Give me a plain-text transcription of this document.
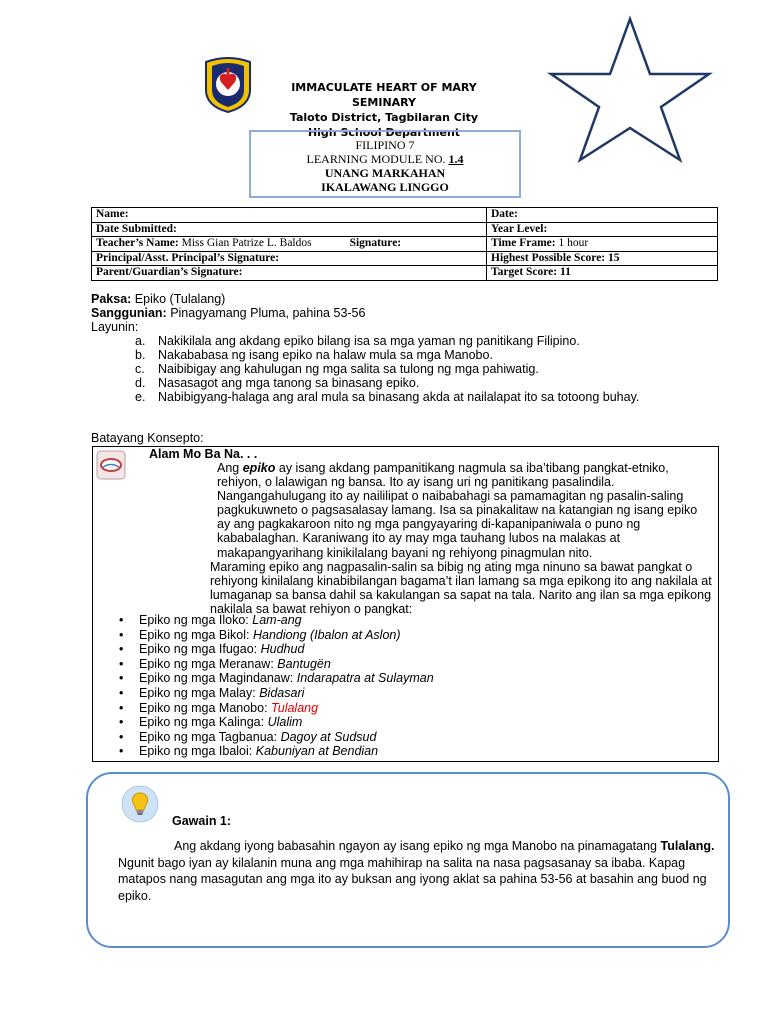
IMMACULATE HEART OF MARY SEMINARY
Taloto District, Tagbilaran City
High School Department
FILIPINO 7
LEARNING MODULE NO. 1.4
UNANG MARKAHAN
IKALAWANG LINGGO
Name:	Date:
Date Submitted:	Year Level:
Teacher’s Name: Miss Gian Patrize L. Baldos Signature:	Time Frame: 1 hour
Principal/Asst. Principal’s Signature:	Highest Possible Score: 15
Parent/Guardian’s Signature:	Target Score: 11
Paksa: Epiko (Tulalang)
Sanggunian: Pinagyamang Pluma, pahina 53-56
Layunin:
a. Nakikilala ang akdang epiko bilang isa sa mga yaman ng panitikang Filipino.
b. Nakababasa ng isang epiko na halaw mula sa mga Manobo.
c. Naibibigay ang kahulugan ng mga salita sa tulong ng mga pahiwatig.
d. Nasasagot ang mga tanong sa binasang epiko.
e. Nabibigyang-halaga ang aral mula sa binasang akda at nailalapat ito sa totoong buhay.
Batayang Konsepto:
Alam Mo Ba Na. . .

Ang epiko ay isang akdang pampanitikang nagmula sa iba’tibang pangkat-etniko, rehiyon, o lalawigan ng bansa. Ito ay isang uri ng panitikang pasalindila. Nangangahulugang ito ay naililipat o naibabahagi sa pamamagitan ng pasalin-saling pagkukuwneto o pagsasalasay lamang. Isa sa pinakalitaw na katangian ng isang epiko ay ang pagkakaroon nito ng mga pangyayaring di-kapanipaniwala o puno ng kababalaghan. Karaniwang ito ay may mga tauhang lubos na malakas at makapangyarihang kinikilalang bayani ng rehiyong pinagmulan nito.

Maraming epiko ang nagpasalin-salin sa bibig ng ating mga ninuno sa bawat pangkat o rehiyong kinilalang kinabibilangan bagama’t ilan lamang sa mga epikong ito ang nakilala at lumaganap sa bansa dahil sa kakulangan sa sapat na tala. Narito ang ilan sa mga epikong nakilala sa bawat rehiyon o pangkat:

• Epiko ng mga Iloko: Lam-ang
• Epiko ng mga Bikol: Handiong (Ibalon at Aslon)
• Epiko ng mga Ifugao: Hudhud
• Epiko ng mga Meranaw: Bantugën
• Epiko ng mga Magindanaw: Indarapatra at Sulayman
• Epiko ng mga Malay: Bidasari
• Epiko ng mga Manobo: Tulalang
• Epiko ng mga Kalinga: Ulalim
• Epiko ng mga Tagbanua: Dagoy at Sudsud
• Epiko ng mga Ibaloi: Kabuniyan at Bendian
Gawain 1:
Ang akdang iyong babasahin ngayon ay isang epiko ng mga Manobo na pinamagatang Tulalang. Ngunit bago iyan ay kilalanin muna ang mga mahihirap na salita na nasa pagsasanay sa ibaba. Kapag matapos nang masagutan ang mga ito ay buksan ang iyong aklat sa pahina 53-56 at basahin ang buod ng epiko.
